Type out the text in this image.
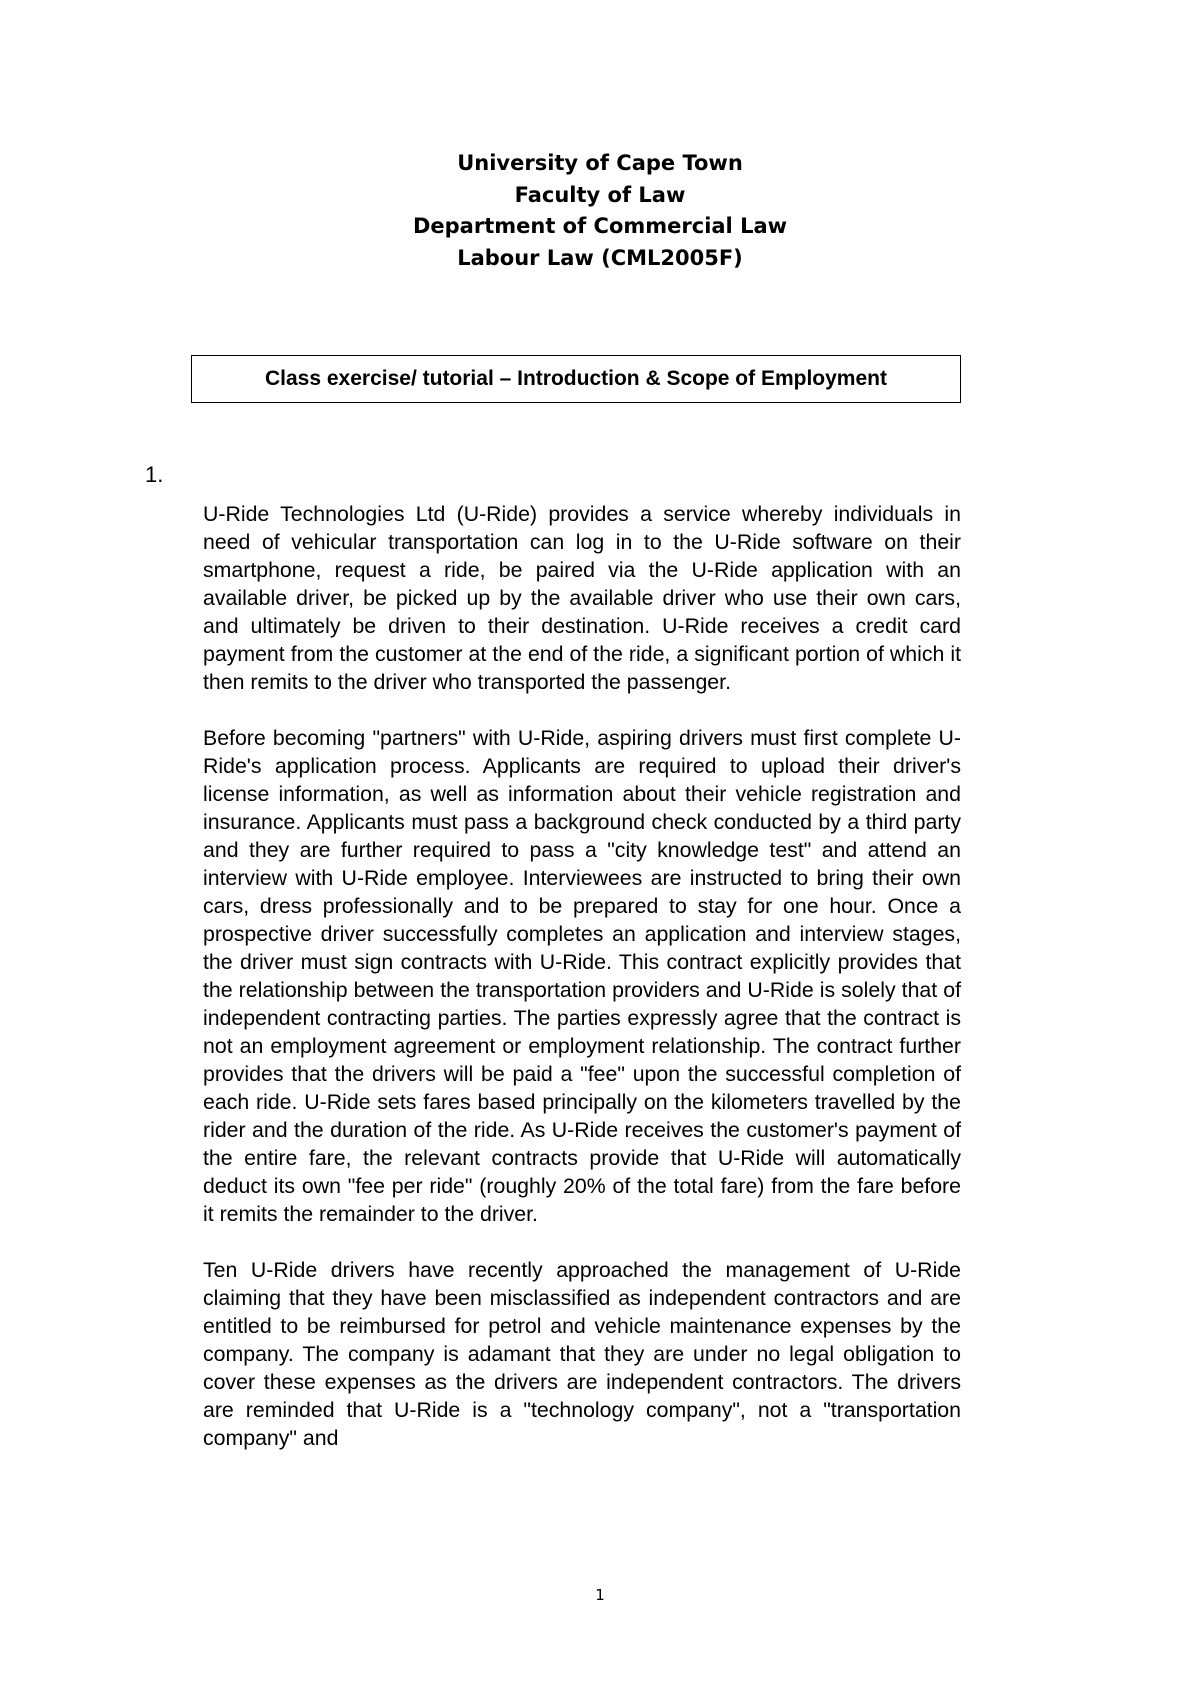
University of Cape Town
Faculty of Law
Department of Commercial Law
Labour Law (CML2005F)
Class exercise/ tutorial – Introduction & Scope of Employment
1.

U-Ride Technologies Ltd (U-Ride) provides a service whereby individuals in need of vehicular transportation can log in to the U-Ride software on their smartphone, request a ride, be paired via the U-Ride application with an available driver, be picked up by the available driver who use their own cars, and ultimately be driven to their destination. U-Ride receives a credit card payment from the customer at the end of the ride, a significant portion of which it then remits to the driver who transported the passenger.

Before becoming "partners" with U-Ride, aspiring drivers must first complete U-Ride's application process. Applicants are required to upload their driver's license information, as well as information about their vehicle registration and insurance. Applicants must pass a background check conducted by a third party and they are further required to pass a "city knowledge test" and attend an interview with U-Ride employee. Interviewees are instructed to bring their own cars, dress professionally and to be prepared to stay for one hour. Once a prospective driver successfully completes an application and interview stages, the driver must sign contracts with U-Ride. This contract explicitly provides that the relationship between the transportation providers and U-Ride is solely that of independent contracting parties. The parties expressly agree that the contract is not an employment agreement or employment relationship. The contract further provides that the drivers will be paid a "fee" upon the successful completion of each ride. U-Ride sets fares based principally on the kilometers travelled by the rider and the duration of the ride. As U-Ride receives the customer's payment of the entire fare, the relevant contracts provide that U-Ride will automatically deduct its own "fee per ride" (roughly 20% of the total fare) from the fare before it remits the remainder to the driver.

Ten U-Ride drivers have recently approached the management of U-Ride claiming that they have been misclassified as independent contractors and are entitled to be reimbursed for petrol and vehicle maintenance expenses by the company. The company is adamant that they are under no legal obligation to cover these expenses as the drivers are independent contractors. The drivers are reminded that U-Ride is a "technology company", not a "transportation company" and

1
